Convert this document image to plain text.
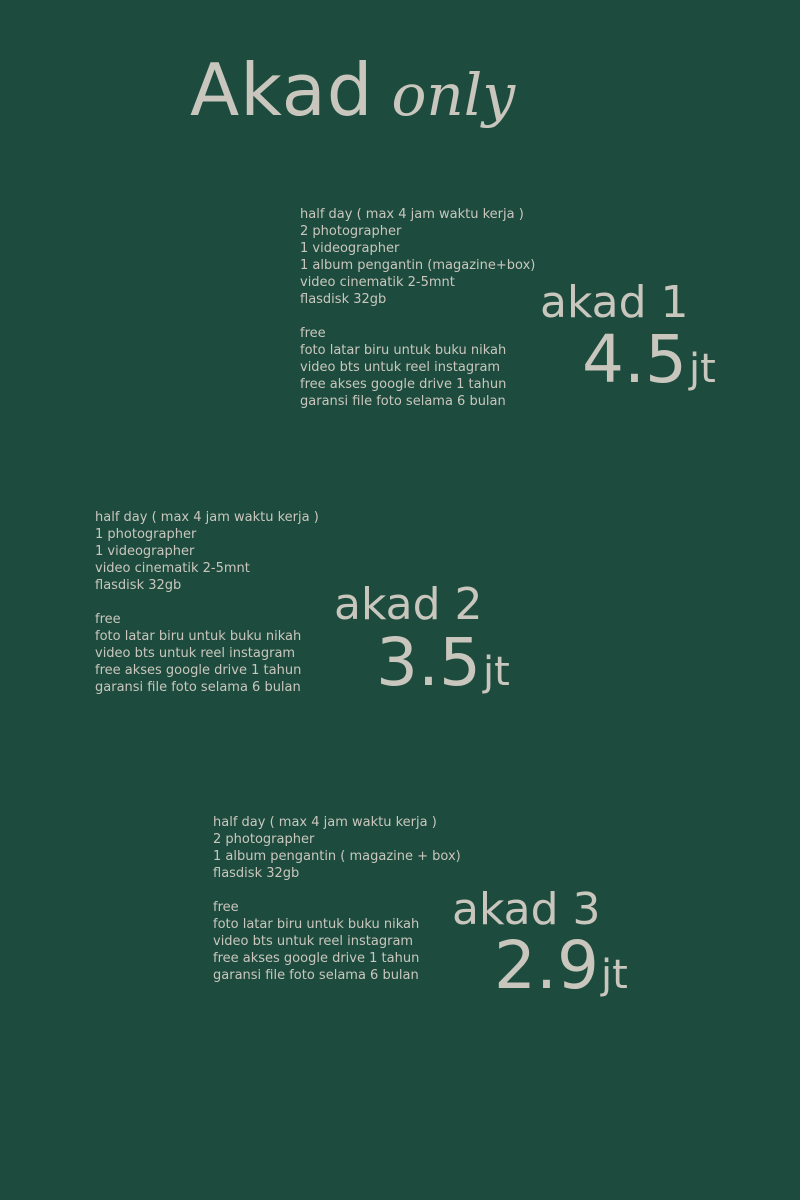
Akad only
half day ( max 4 jam waktu kerja )
2 photographer
1 videographer
1 album pengantin (magazine+box)
video cinematik 2-5mnt
flasdisk 32gb
free
foto latar biru untuk buku nikah
video bts untuk reel instagram
free akses google drive 1 tahun
garansi file foto selama 6 bulan
akad 1
4.5jt
half day ( max 4 jam waktu kerja )
1 photographer
1 videographer
video cinematik 2-5mnt
flasdisk 32gb
free
foto latar biru untuk buku nikah
video bts untuk reel instagram
free akses google drive 1 tahun
garansi file foto selama 6 bulan
akad 2
3.5jt
half day ( max 4 jam waktu kerja )
2 photographer
1 album pengantin ( magazine + box)
flasdisk 32gb
free
foto latar biru untuk buku nikah
video bts untuk reel instagram
free akses google drive 1 tahun
garansi file foto selama 6 bulan
akad 3
2.9jt
